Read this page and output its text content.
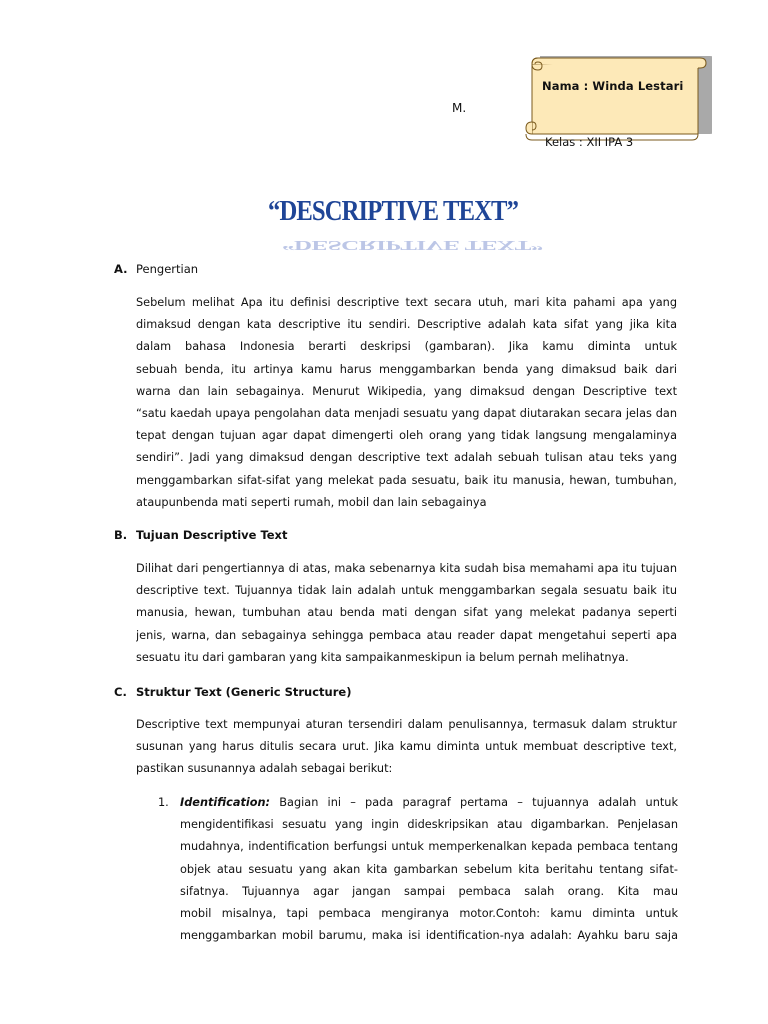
Nama : Winda Lestari
M.
Kelas : XII IPA 3
“DESCRIPTIVE TEXT”
“DESCRIPTIVE TEXT”
A. Pengertian
Sebelum melihat Apa itu definisi descriptive text secara utuh, mari kita pahami apa yang
dimaksud dengan kata descriptive itu sendiri. Descriptive adalah kata sifat yang jika kita
dalam bahasa Indonesia berarti deskripsi (gambaran). Jika kamu diminta untuk
sebuah benda, itu artinya kamu harus menggambarkan benda yang dimaksud baik dari
warna dan lain sebagainya. Menurut Wikipedia, yang dimaksud dengan Descriptive text
“satu kaedah upaya pengolahan data menjadi sesuatu yang dapat diutarakan secara jelas dan
tepat dengan tujuan agar dapat dimengerti oleh orang yang tidak langsung mengalaminya
sendiri”. Jadi yang dimaksud dengan descriptive text adalah sebuah tulisan atau teks yang
menggambarkan sifat-sifat yang melekat pada sesuatu, baik itu manusia, hewan, tumbuhan,
ataupunbenda mati seperti rumah, mobil dan lain sebagainya
B. Tujuan Descriptive Text
Dilihat dari pengertiannya di atas, maka sebenarnya kita sudah bisa memahami apa itu tujuan
descriptive text. Tujuannya tidak lain adalah untuk menggambarkan segala sesuatu baik itu
manusia, hewan, tumbuhan atau benda mati dengan sifat yang melekat padanya seperti
jenis, warna, dan sebagainya sehingga pembaca atau reader dapat mengetahui seperti apa
sesuatu itu dari gambaran yang kita sampaikanmeskipun ia belum pernah melihatnya.
C. Struktur Text (Generic Structure)
Descriptive text mempunyai aturan tersendiri dalam penulisannya, termasuk dalam struktur
susunan yang harus ditulis secara urut. Jika kamu diminta untuk membuat descriptive text,
pastikan susunannya adalah sebagai berikut:
1. Identification: Bagian ini – pada paragraf pertama – tujuannya adalah untuk
mengidentifikasi sesuatu yang ingin dideskripsikan atau digambarkan. Penjelasan
mudahnya, indentification berfungsi untuk memperkenalkan kepada pembaca tentang
objek atau sesuatu yang akan kita gambarkan sebelum kita beritahu tentang sifat-
sifatnya. Tujuannya agar jangan sampai pembaca salah orang. Kita mau
mobil misalnya, tapi pembaca mengiranya motor.Contoh: kamu diminta untuk
menggambarkan mobil barumu, maka isi identification-nya adalah: Ayahku baru saja
